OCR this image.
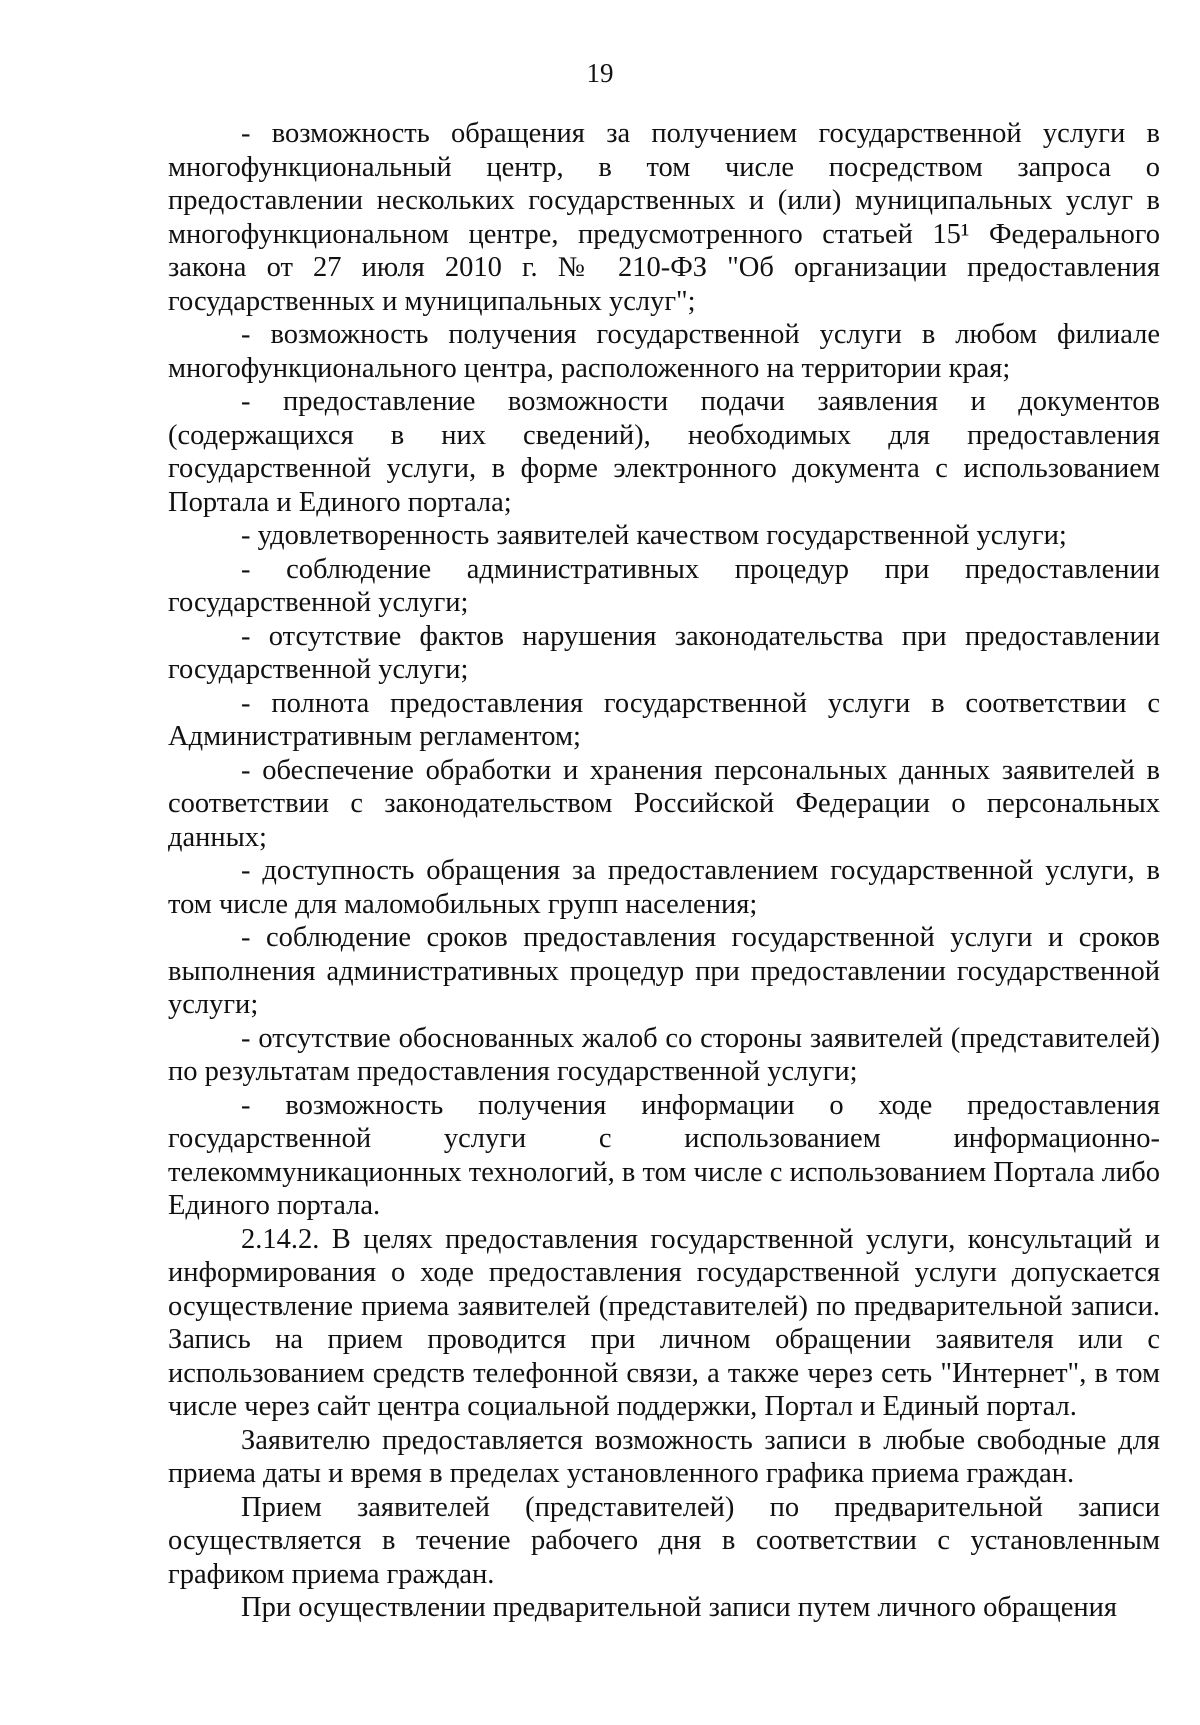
19

- возможность обращения за получением государственной услуги в многофункциональный центр, в том числе посредством запроса о предоставлении нескольких государственных и (или) муниципальных услуг в многофункциональном центре, предусмотренного статьей 15¹ Федерального закона от 27 июля 2010 г. № 210-ФЗ "Об организации предоставления государственных и муниципальных услуг";

- возможность получения государственной услуги в любом филиале многофункционального центра, расположенного на территории края;

- предоставление возможности подачи заявления и документов (содержащихся в них сведений), необходимых для предоставления государственной услуги, в форме электронного документа с использованием Портала и Единого портала;

- удовлетворенность заявителей качеством государственной услуги;

- соблюдение административных процедур при предоставлении государственной услуги;

- отсутствие фактов нарушения законодательства при предоставлении государственной услуги;

- полнота предоставления государственной услуги в соответствии с Административным регламентом;

- обеспечение обработки и хранения персональных данных заявителей в соответствии с законодательством Российской Федерации о персональных данных;

- доступность обращения за предоставлением государственной услуги, в том числе для маломобильных групп населения;

- соблюдение сроков предоставления государственной услуги и сроков выполнения административных процедур при предоставлении государственной услуги;

- отсутствие обоснованных жалоб со стороны заявителей (представителей) по результатам предоставления государственной услуги;

- возможность получения информации о ходе предоставления государственной услуги с использованием информационно-телекоммуникационных технологий, в том числе с использованием Портала либо Единого портала.

2.14.2. В целях предоставления государственной услуги, консультаций и информирования о ходе предоставления государственной услуги допускается осуществление приема заявителей (представителей) по предварительной записи. Запись на прием проводится при личном обращении заявителя или с использованием средств телефонной связи, а также через сеть "Интернет", в том числе через сайт центра социальной поддержки, Портал и Единый портал.

Заявителю предоставляется возможность записи в любые свободные для приема даты и время в пределах установленного графика приема граждан.

Прием заявителей (представителей) по предварительной записи осуществляется в течение рабочего дня в соответствии с установленным графиком приема граждан.

При осуществлении предварительной записи путем личного обращения
